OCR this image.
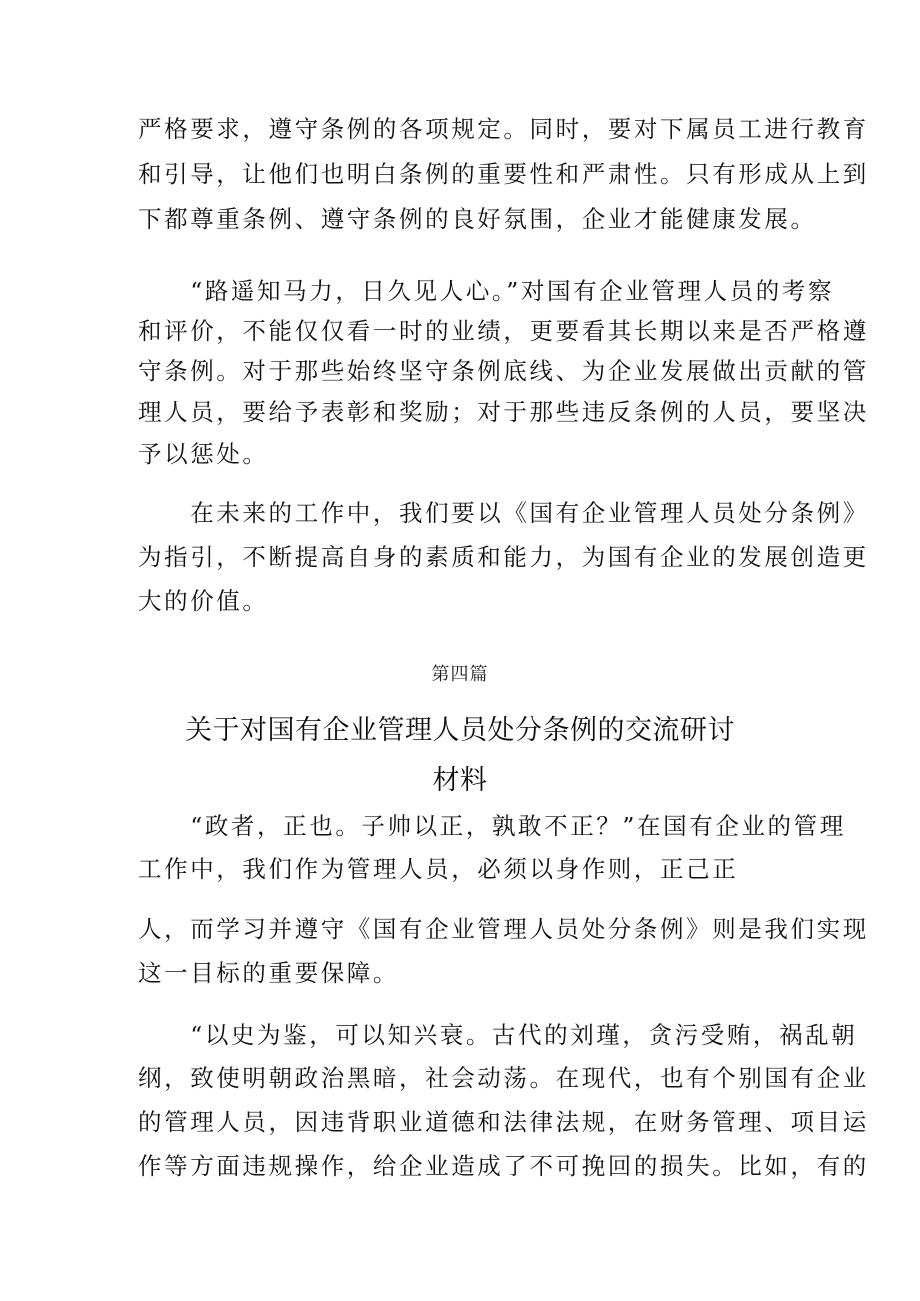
严格要求，遵守条例的各项规定。同时，要对下属员工进行教育
和引导，让他们也明白条例的重要性和严肃性。只有形成从上到
下都尊重条例、遵守条例的良好氛围，企业才能健康发展。
　　“路遥知马力，日久见人心。”对国有企业管理人员的考察
和评价，不能仅仅看一时的业绩，更要看其长期以来是否严格遵
守条例。对于那些始终坚守条例底线、为企业发展做出贡献的管
理人员，要给予表彰和奖励；对于那些违反条例的人员，要坚决
予以惩处。
　　在未来的工作中，我们要以《国有企业管理人员处分条例》
为指引，不断提高自身的素质和能力，为国有企业的发展创造更
大的价值。
第四篇
关于对国有企业管理人员处分条例的交流研讨
材料
　　“政者，正也。子帅以正，孰敢不正？”在国有企业的管理
工作中，我们作为管理人员，必须以身作则，正己正
人，而学习并遵守《国有企业管理人员处分条例》则是我们实现
这一目标的重要保障。
　　“以史为鉴，可以知兴衰。古代的刘瑾，贪污受贿，祸乱朝
纲，致使明朝政治黑暗，社会动荡。在现代，也有个别国有企业
的管理人员，因违背职业道德和法律法规，在财务管理、项目运
作等方面违规操作，给企业造成了不可挽回的损失。比如，有的
